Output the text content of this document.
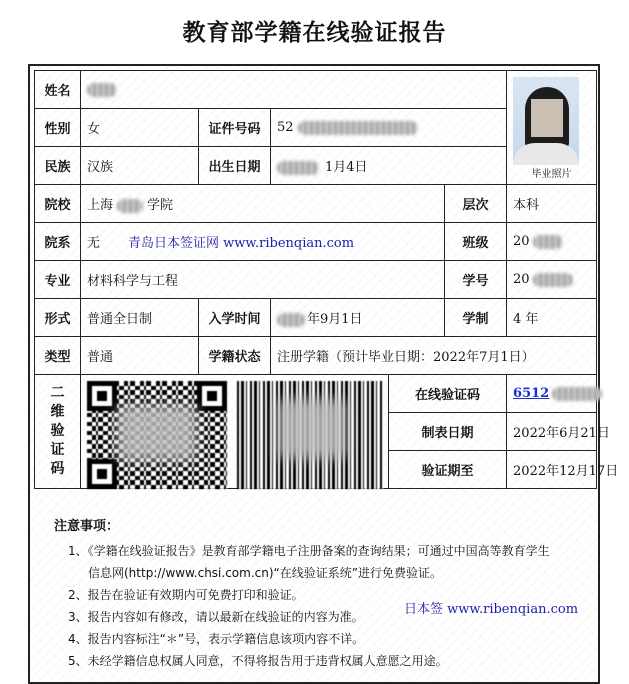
教育部学籍在线验证报告
姓名						毕业照片

性别	女	证件号码	52			
民族	汉族	出生日期	1月4日			
院校	上海 学院				层次	本科
院系	无 青岛日本签证网 www.ribenqian.com				班级	20
专业	材料科学与工程				学号	20
形式	普通全日制	入学时间	年9月1日		学制	4 年
类型	普通	学籍状态	注册学籍（预计毕业日期：2022年7月1日）			

二维验证码				在线验证码		6512
				制表日期		2022年6月21日
				验证期至		2022年12月17日
注意事项：
1、《学籍在线验证报告》是教育部学籍电子注册备案的查询结果；可通过中国高等教育学生
信息网(http://www.chsi.com.cn)“在线验证系统”进行免费验证。
2、报告在验证有效期内可免费打印和验证。
3、报告内容如有修改，请以最新在线验证的内容为准。
4、报告内容标注“＊”号，表示学籍信息该项内容不详。
5、未经学籍信息权属人同意，不得将报告用于违背权属人意愿之用途。
日本签 www.ribenqian.com
